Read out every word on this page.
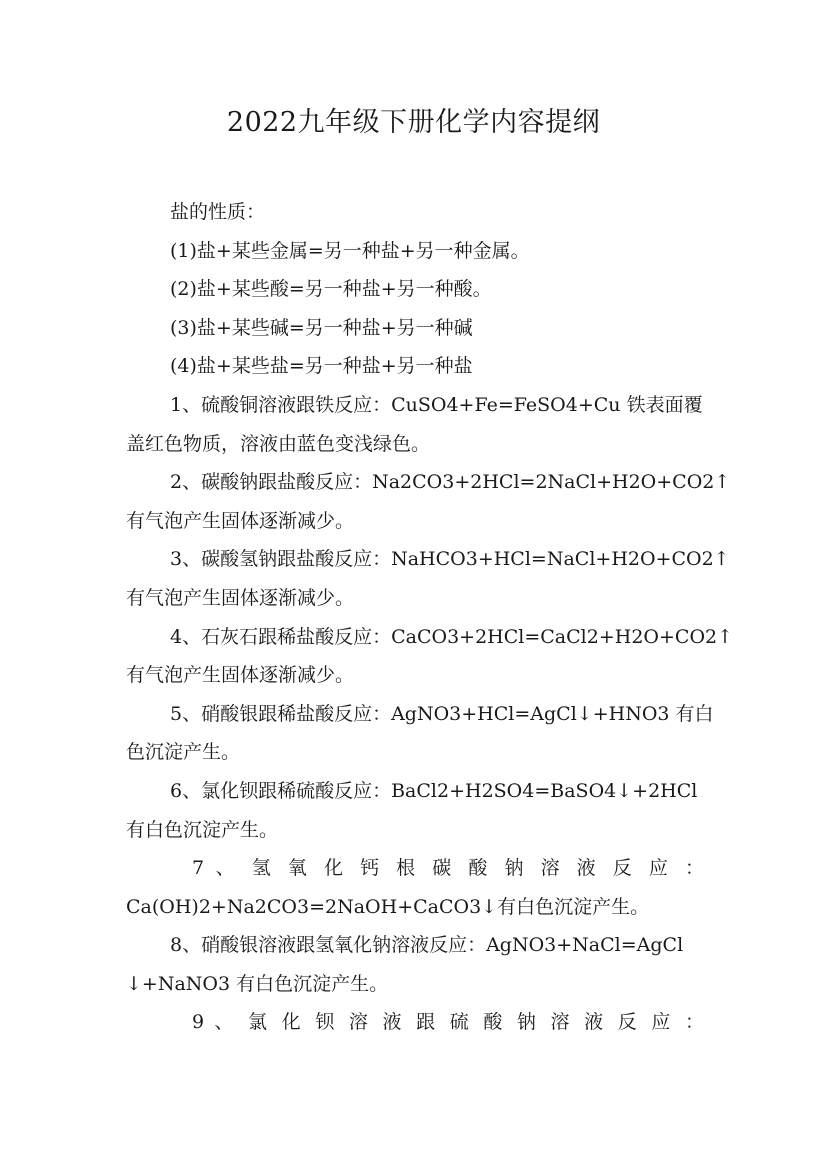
2022九年级下册化学内容提纲
盐的性质：
(1)盐+某些金属=另一种盐+另一种金属。
(2)盐+某些酸=另一种盐+另一种酸。
(3)盐+某些碱=另一种盐+另一种碱
(4)盐+某些盐=另一种盐+另一种盐
1、硫酸铜溶液跟铁反应：CuSO4+Fe=FeSO4+Cu 铁表面覆
盖红色物质，溶液由蓝色变浅绿色。
2、碳酸钠跟盐酸反应：Na2CO3+2HCl=2NaCl+H2O+CO2↑
有气泡产生固体逐渐减少。
3、碳酸氢钠跟盐酸反应：NaHCO3+HCl=NaCl+H2O+CO2↑
有气泡产生固体逐渐减少。
4、石灰石跟稀盐酸反应：CaCO3+2HCl=CaCl2+H2O+CO2↑
有气泡产生固体逐渐减少。
5、硝酸银跟稀盐酸反应：AgNO3+HCl=AgCl↓+HNO3 有白
色沉淀产生。
6、氯化钡跟稀硫酸反应：BaCl2+H2SO4=BaSO4↓+2HCl
有白色沉淀产生。
7 、 氢 氧 化 钙 根 碳 酸 钠 溶 液 反 应 ：
Ca(OH)2+Na2CO3=2NaOH+CaCO3↓有白色沉淀产生。
8、硝酸银溶液跟氢氧化钠溶液反应：AgNO3+NaCl=AgCl
↓+NaNO3 有白色沉淀产生。
9 、 氯 化 钡 溶 液 跟 硫 酸 钠 溶 液 反 应 ：
